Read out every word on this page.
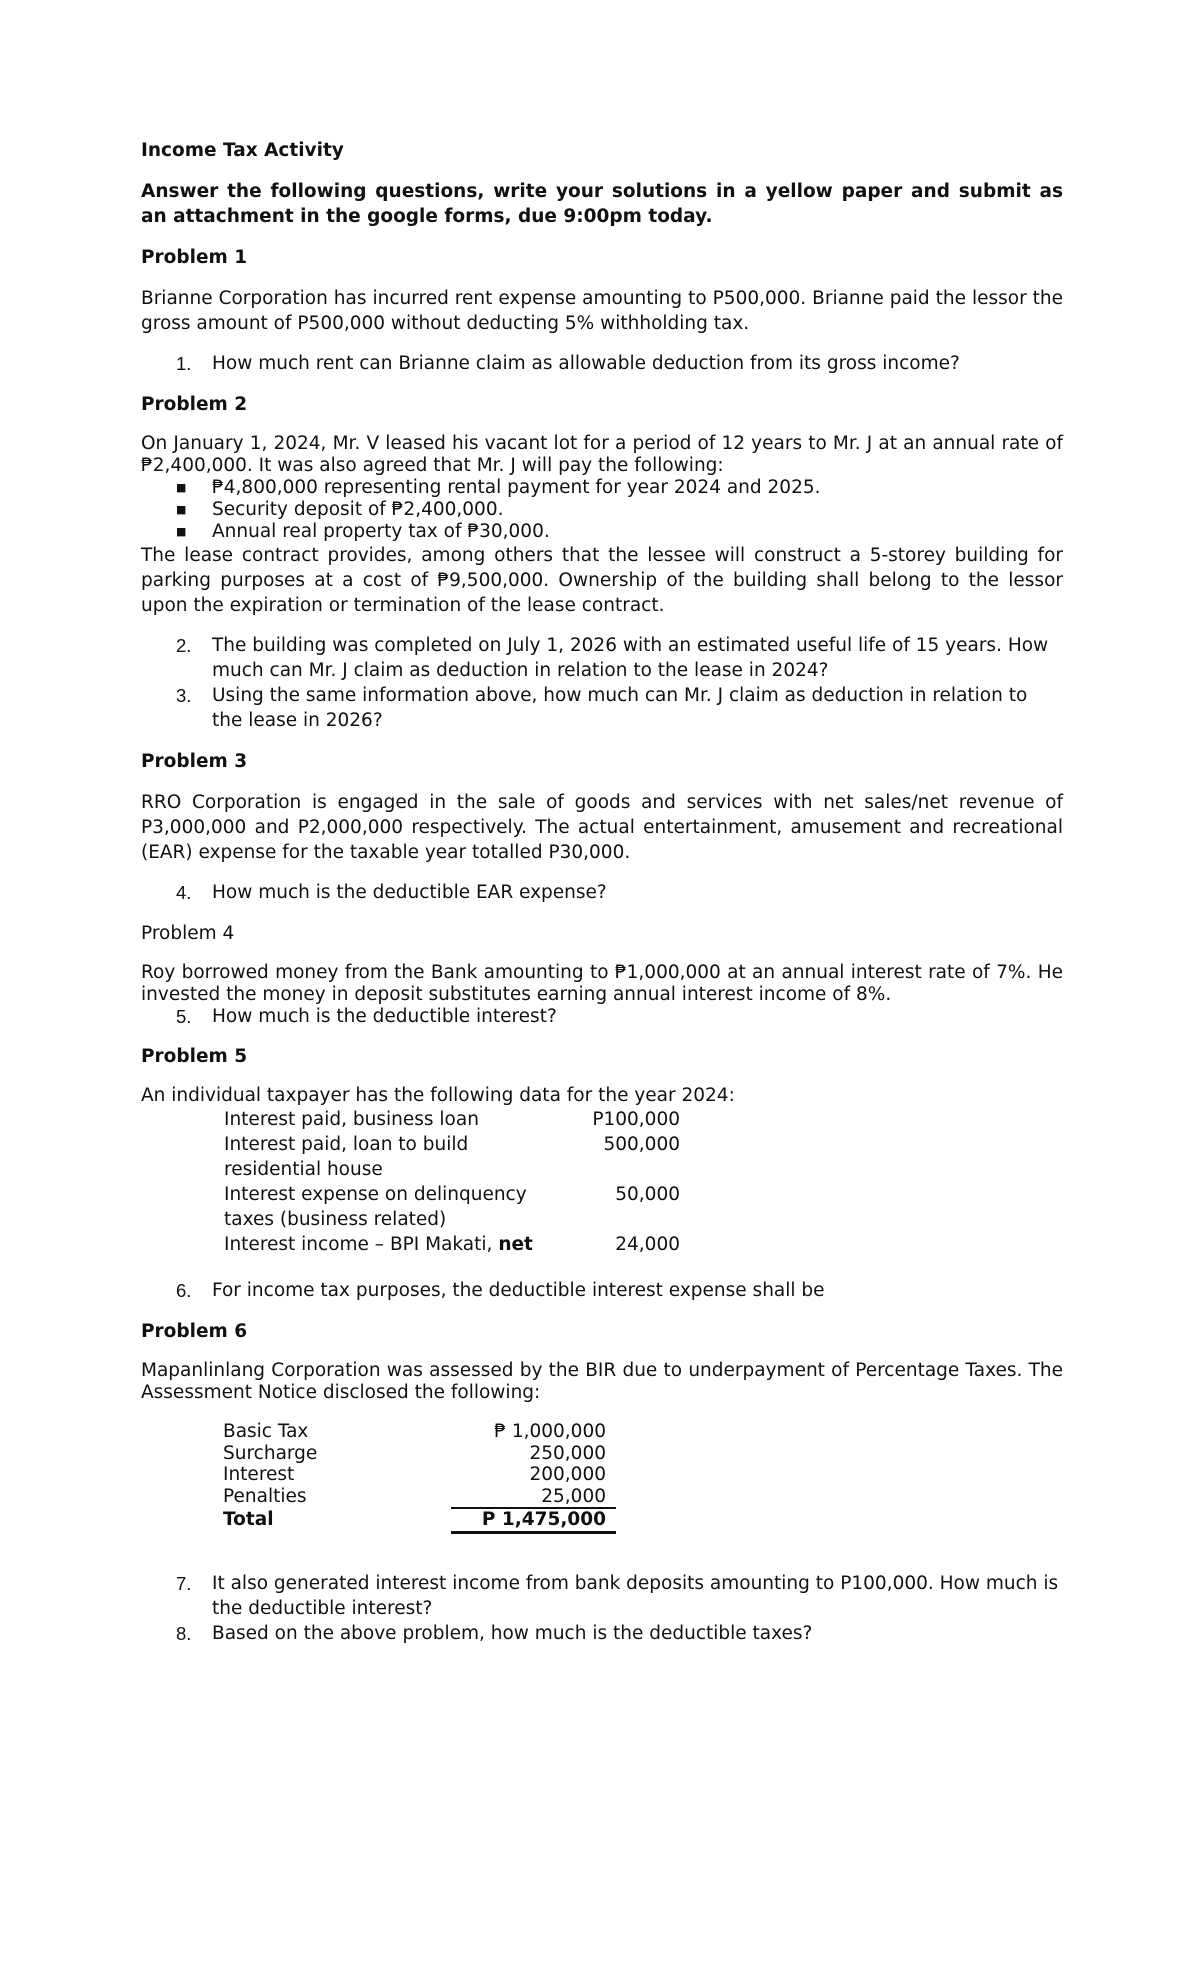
Income Tax Activity

Answer the following questions, write your solutions in a yellow paper and submit as an attachment in the google forms, due 9:00pm today.

Problem 1

Brianne Corporation has incurred rent expense amounting to P500,000. Brianne paid the lessor the gross amount of P500,000 without deducting 5% withholding tax.

1. How much rent can Brianne claim as allowable deduction from its gross income?

Problem 2

On January 1, 2024, Mr. V leased his vacant lot for a period of 12 years to Mr. J at an annual rate of ₱2,400,000. It was also agreed that Mr. J will pay the following:

■ ₱4,800,000 representing rental payment for year 2024 and 2025.
■ Security deposit of ₱2,400,000.
■ Annual real property tax of ₱30,000.

The lease contract provides, among others that the lessee will construct a 5-storey building for parking purposes at a cost of ₱9,500,000. Ownership of the building shall belong to the lessor upon the expiration or termination of the lease contract.

2. The building was completed on July 1, 2026 with an estimated useful life of 15 years. How much can Mr. J claim as deduction in relation to the lease in 2024?
3. Using the same information above, how much can Mr. J claim as deduction in relation to the lease in 2026?

Problem 3

RRO Corporation is engaged in the sale of goods and services with net sales/net revenue of P3,000,000 and P2,000,000 respectively. The actual entertainment, amusement and recreational (EAR) expense for the taxable year totalled P30,000.

4. How much is the deductible EAR expense?

Problem 4

Roy borrowed money from the Bank amounting to ₱1,000,000 at an annual interest rate of 7%. He invested the money in deposit substitutes earning annual interest income of 8%.

5. How much is the deductible interest?

Problem 5

An individual taxpayer has the following data for the year 2024:

Interest paid, business loan	P100,000
Interest paid, loan to build residential house	500,000
Interest expense on delinquency taxes (business related)	50,000
Interest income – BPI Makati, net	24,000
6. For income tax purposes, the deductible interest expense shall be

Problem 6

Mapanlinlang Corporation was assessed by the BIR due to underpayment of Percentage Taxes. The Assessment Notice disclosed the following:

Basic Tax	₱ 1,000,000
Surcharge	250,000
Interest	200,000
Penalties	25,000
Total	P 1,475,000
7. It also generated interest income from bank deposits amounting to P100,000. How much is the deductible interest?
8. Based on the above problem, how much is the deductible taxes?
